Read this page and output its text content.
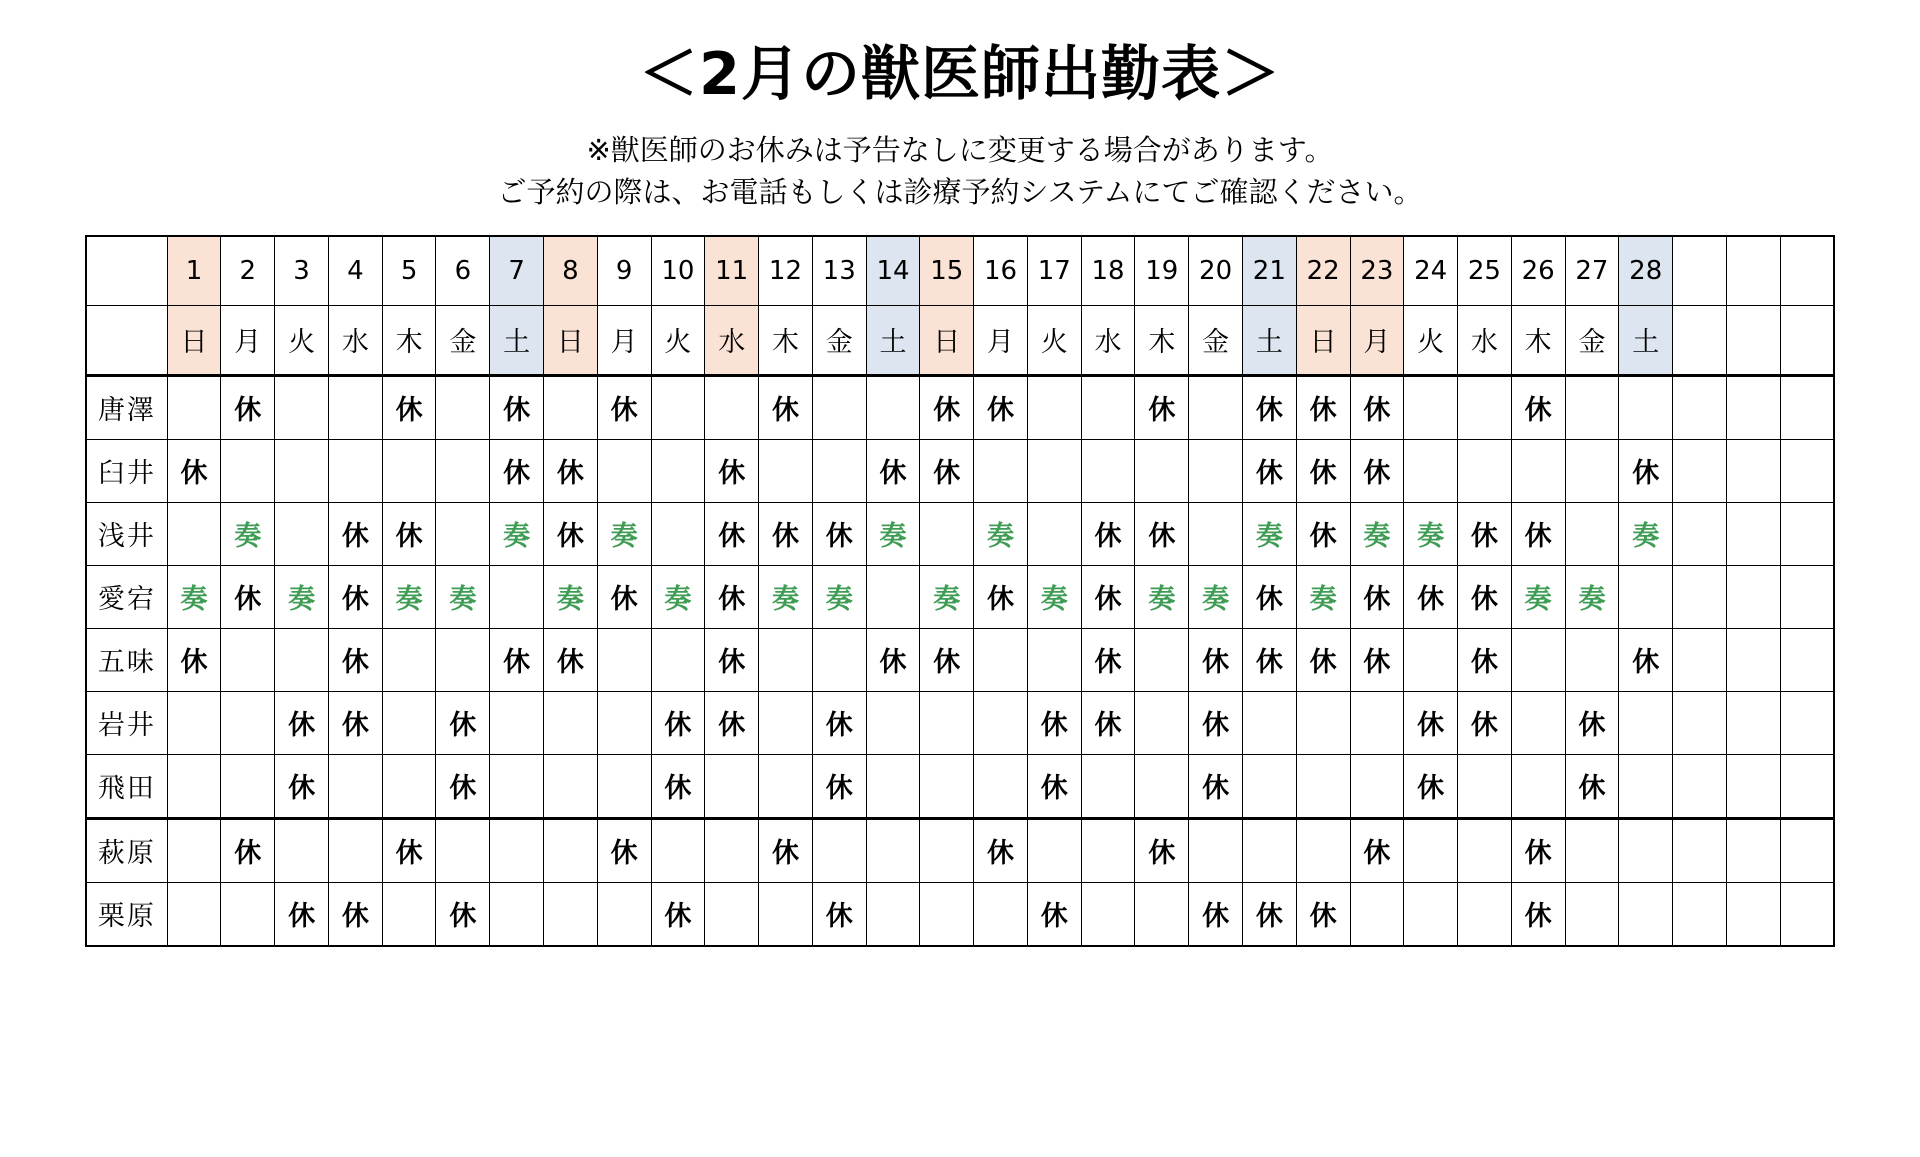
＜2月の獣医師出勤表＞
※獣医師のお休みは予告なしに変更する場合があります。
ご予約の際は、お電話もしくは診療予約システムにてご確認ください。
	1	2	3	4	5	6	7	8	9	10	11	12	13	14	15	16	17	18	19	20	21	22	23	24	25	26	27	28			
	日	月	火	水	木	金	土	日	月	火	水	木	金	土	日	月	火	水	木	金	土	日	月	火	水	木	金	土			
唐澤		休			休		休		休			休			休	休			休		休	休	休			休					
臼井	休						休	休			休			休	休						休	休	休					休			
浅井		奏		休	休		奏	休	奏		休	休	休	奏		奏		休	休		奏	休	奏	奏	休	休		奏			
愛宕	奏	休	奏	休	奏	奏		奏	休	奏	休	奏	奏		奏	休	奏	休	奏	奏	休	奏	休	休	休	奏	奏				
五味	休			休			休	休			休			休	休			休		休	休	休	休		休			休			
岩井			休	休		休				休	休		休				休	休		休				休	休		休				
飛田			休			休				休			休				休			休				休			休				
萩原		休			休				休			休				休			休				休			休					
栗原			休	休		休				休			休				休			休	休	休				休					
